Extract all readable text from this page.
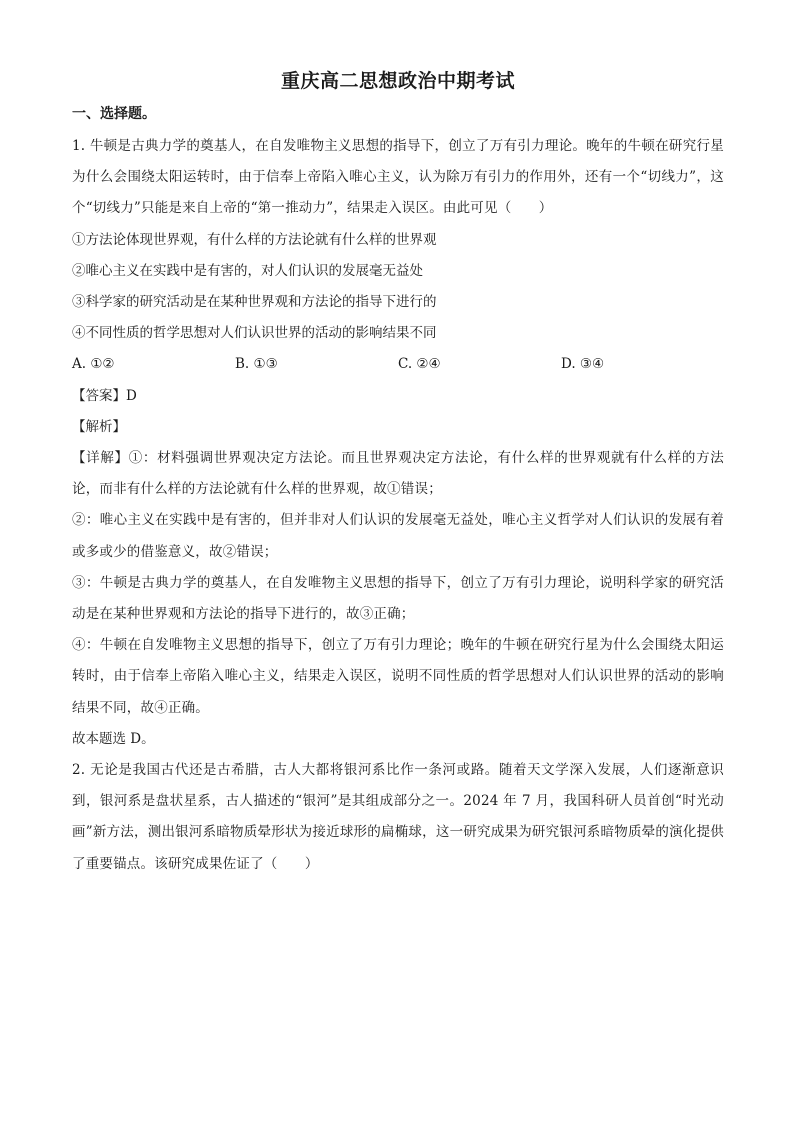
重庆高二思想政治中期考试
一、选择题。

1. 牛顿是古典力学的奠基人，在自发唯物主义思想的指导下，创立了万有引力理论。晚年的牛顿在研究行星为什么会围绕太阳运转时，由于信奉上帝陷入唯心主义，认为除万有引力的作用外，还有一个“切线力”，这个“切线力”只能是来自上帝的“第一推动力”，结果走入误区。由此可见（　　）

①方法论体现世界观，有什么样的方法论就有什么样的世界观

②唯心主义在实践中是有害的，对人们认识的发展毫无益处

③科学家的研究活动是在某种世界观和方法论的指导下进行的

④不同性质的哲学思想对人们认识世界的活动的影响结果不同

A. ①②	B. ①③	C. ②④	D. ③④

【答案】D

【解析】

【详解】①：材料强调世界观决定方法论。而且世界观决定方法论，有什么样的世界观就有什么样的方法论，而非有什么样的方法论就有什么样的世界观，故①错误；

②：唯心主义在实践中是有害的，但并非对人们认识的发展毫无益处，唯心主义哲学对人们认识的发展有着或多或少的借鉴意义，故②错误；

③：牛顿是古典力学的奠基人，在自发唯物主义思想的指导下，创立了万有引力理论，说明科学家的研究活动是在某种世界观和方法论的指导下进行的，故③正确；

④：牛顿在自发唯物主义思想的指导下，创立了万有引力理论；晚年的牛顿在研究行星为什么会围绕太阳运转时，由于信奉上帝陷入唯心主义，结果走入误区，说明不同性质的哲学思想对人们认识世界的活动的影响结果不同，故④正确。

故本题选 D。

2. 无论是我国古代还是古希腊，古人大都将银河系比作一条河或路。随着天文学深入发展，人们逐渐意识到，银河系是盘状星系，古人描述的“银河”是其组成部分之一。2024 年 7 月，我国科研人员首创“时光动画”新方法，测出银河系暗物质晕形状为接近球形的扁椭球，这一研究成果为研究银河系暗物质晕的演化提供了重要锚点。该研究成果佐证了（　　）
